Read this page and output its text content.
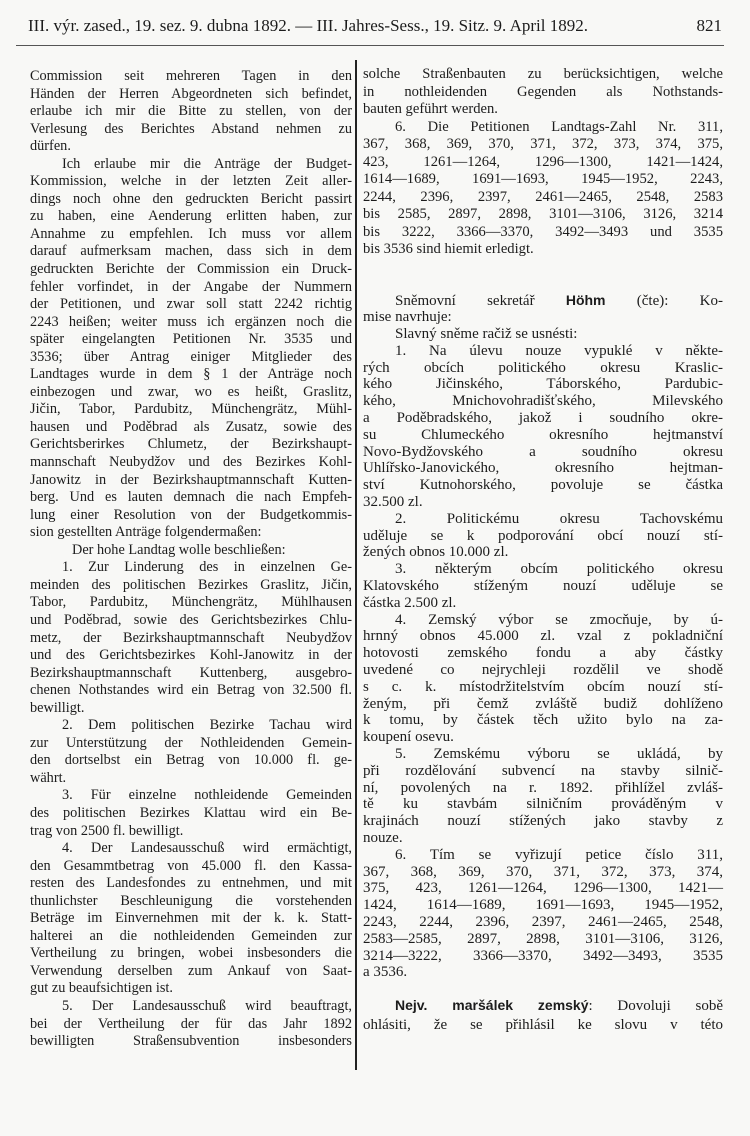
III. výr. zased., 19. sez. 9. dubna 1892. — III. Jahres-Sess., 19. Sitz. 9. April 1892.	821
Commission seit mehreren Tagen in den
Händen der Herren Abgeordneten sich befindet,
erlaube ich mir die Bitte zu stellen, von der
Verlesung des Berichtes Abstand nehmen zu
dürfen.
Ich erlaube mir die Anträge der Budget-
Kommission, welche in der letzten Zeit aller-
dings noch ohne den gedruckten Bericht passirt
zu haben, eine Aenderung erlitten haben, zur
Annahme zu empfehlen. Ich muss vor allem
darauf aufmerksam machen, dass sich in dem
gedruckten Berichte der Commission ein Druck-
fehler vorfindet, in der Angabe der Nummern
der Petitionen, und zwar soll statt 2242 richtig
2243 heißen; weiter muss ich ergänzen noch die
später eingelangten Petitionen Nr. 3535 und
3536; über Antrag einiger Mitglieder des
Landtages wurde in dem § 1 der Anträge noch
einbezogen und zwar, wo es heißt, Graslitz,
Jičin, Tabor, Pardubitz, Münchengrätz, Mühl-
hausen und Poděbrad als Zusatz, sowie des
Gerichtsberirkes Chlumetz, der Bezirkshaupt-
mannschaft Neubydžov und des Bezirkes Kohl-
Janowitz in der Bezirkshauptmannschaft Kutten-
berg. Und es lauten demnach die nach Empfeh-
lung einer Resolution von der Budgetkommis-
sion gestellten Anträge folgendermaßen:
Der hohe Landtag wolle beschließen:
1. Zur Linderung des in einzelnen Ge-
meinden des politischen Bezirkes Graslitz, Jičin,
Tabor, Pardubitz, Münchengrätz, Mühlhausen
und Poděbrad, sowie des Gerichtsbezirkes Chlu-
metz, der Bezirkshauptmannschaft Neubydžov
und des Gerichtsbezirkes Kohl-Janowitz in der
Bezirkshauptmannschaft Kuttenberg, ausgebro-
chenen Nothstandes wird ein Betrag von 32.500 fl.
bewilligt.
2. Dem politischen Bezirke Tachau wird
zur Unterstützung der Nothleidenden Gemein-
den dortselbst ein Betrag von 10.000 fl. ge-
währt.
3. Für einzelne nothleidende Gemeinden
des politischen Bezirkes Klattau wird ein Be-
trag von 2500 fl. bewilligt.
4. Der Landesausschuß wird ermächtigt,
den Gesammtbetrag von 45.000 fl. den Kassa-
resten des Landesfondes zu entnehmen, und mit
thunlichster Beschleunigung die vorstehenden
Beträge im Einvernehmen mit der k. k. Statt-
halterei an die nothleidenden Gemeinden zur
Vertheilung zu bringen, wobei insbesonders die
Verwendung derselben zum Ankauf von Saat-
gut zu beaufsichtigen ist.
5. Der Landesausschuß wird beauftragt,
bei der Vertheilung der für das Jahr 1892
bewilligten Straßensubvention insbesonders
solche Straßenbauten zu berücksichtigen, welche
in nothleidenden Gegenden als Nothstands-
bauten geführt werden.
6. Die Petitionen Landtags-Zahl Nr. 311,
367, 368, 369, 370, 371, 372, 373, 374, 375,
423, 1261—1264, 1296—1300, 1421—1424,
1614—1689, 1691—1693, 1945—1952, 2243,
2244, 2396, 2397, 2461—2465, 2548, 2583
bis 2585, 2897, 2898, 3101—3106, 3126, 3214
bis 3222, 3366—3370, 3492—3493 und 3535
bis 3536 sind hiemit erledigt.
Sněmovní sekretář Höhm (čte): Ko-
mise navrhuje:
Slavný sněme račiž se usnésti:
1. Na úlevu nouze vypuklé v někte-
rých obcích politického okresu Kraslic-
kého Jičinského, Táborského, Pardubic-
kého, Mnichovohradišťského, Milevského
a Poděbradského, jakož i soudního okre-
su Chlumeckého okresního hejtmanství
Novo-Bydžovského a soudního okresu
Uhlířsko-Janovického, okresního hejtman-
ství Kutnohorského, povoluje se částka
32.500 zl.
2. Politickému okresu Tachovskému
uděluje se k podporování obcí nouzí stí-
žených obnos 10.000 zl.
3. některým obcím politického okresu
Klatovského stíženým nouzí uděluje se
částka 2.500 zl.
4. Zemský výbor se zmocňuje, by ú-
hrnný obnos 45.000 zl. vzal z pokladniční
hotovosti zemského fondu a aby částky
uvedené co nejrychleji rozdělil ve shodě
s c. k. místodržitelstvím obcím nouzí stí-
ženým, při čemž zvláště budiž dohlíženo
k tomu, by částek těch užito bylo na za-
koupení osevu.
5. Zemskému výboru se ukládá, by
při rozdělování subvencí na stavby silnič-
ní, povolených na r. 1892. přihlížel zvláš-
tě ku stavbám silničním prováděným v
krajinách nouzí stížených jako stavby z
nouze.
6. Tím se vyřizují petice číslo 311,
367, 368, 369, 370, 371, 372, 373, 374,
375, 423, 1261—1264, 1296—1300, 1421—
1424, 1614—1689, 1691—1693, 1945—1952,
2243, 2244, 2396, 2397, 2461—2465, 2548,
2583—2585, 2897, 2898, 3101—3106, 3126,
3214—3222, 3366—3370, 3492—3493, 3535
a 3536.
Nejv. maršálek zemský: Dovoluji sobě
ohlásiti, že se přihlásil ke slovu v této
